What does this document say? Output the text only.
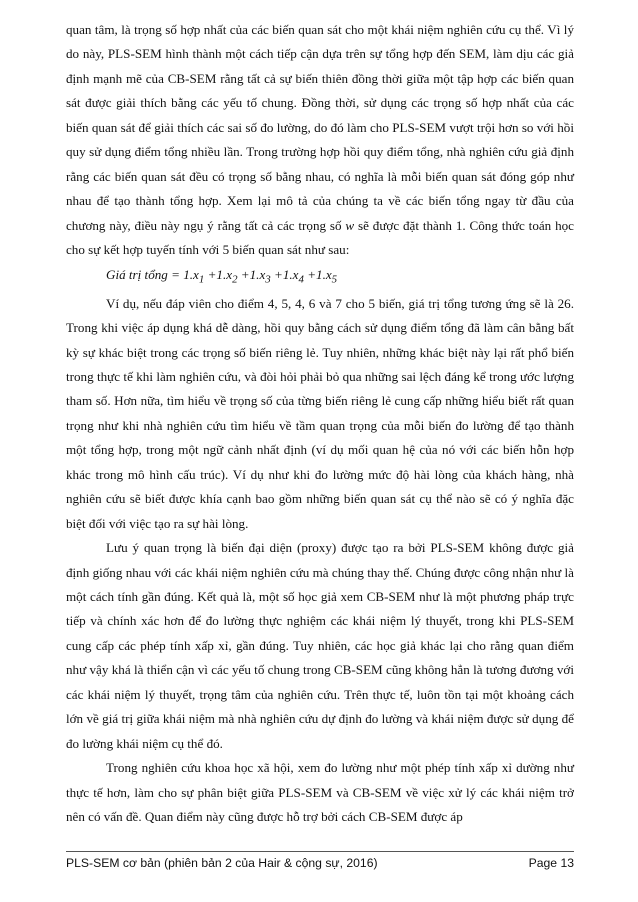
quan tâm, là trọng số hợp nhất của các biến quan sát cho một khái niệm nghiên cứu cụ thể. Vì lý do này, PLS-SEM hình thành một cách tiếp cận dựa trên sự tổng hợp đến SEM, làm dịu các giả định mạnh mẽ của CB-SEM rằng tất cả sự biến thiên đồng thời giữa một tập hợp các biến quan sát được giải thích bằng các yếu tố chung. Đồng thời, sử dụng các trọng số hợp nhất của các biến quan sát để giải thích các sai số đo lường, do đó làm cho PLS-SEM vượt trội hơn so với hồi quy sử dụng điểm tổng nhiều lần. Trong trường hợp hồi quy điểm tổng, nhà nghiên cứu giả định rằng các biến quan sát đều có trọng số bằng nhau, có nghĩa là mỗi biến quan sát đóng góp như nhau để tạo thành tổng hợp. Xem lại mô tả của chúng ta về các biến tổng ngay từ đầu của chương này, điều này ngụ ý rằng tất cả các trọng số w sẽ được đặt thành 1. Công thức toán học cho sự kết hợp tuyến tính với 5 biến quan sát như sau:

Giá trị tổng = $1.x_1 +1.x_2 +1.x_3 +1.x_4 +1.x_5$

Ví dụ, nếu đáp viên cho điểm 4, 5, 4, 6 và 7 cho 5 biến, giá trị tổng tương ứng sẽ là 26. Trong khi việc áp dụng khá dễ dàng, hồi quy bằng cách sử dụng điểm tổng đã làm cân bằng bất kỳ sự khác biệt trong các trọng số biến riêng lẻ. Tuy nhiên, những khác biệt này lại rất phổ biến trong thực tế khi làm nghiên cứu, và đòi hỏi phải bỏ qua những sai lệch đáng kể trong ước lượng tham số. Hơn nữa, tìm hiểu về trọng số của từng biến riêng lẻ cung cấp những hiểu biết rất quan trọng như khi nhà nghiên cứu tìm hiểu về tầm quan trọng của mỗi biến đo lường để tạo thành một tổng hợp, trong một ngữ cảnh nhất định (ví dụ mối quan hệ của nó với các biến hỗn hợp khác trong mô hình cấu trúc). Ví dụ như khi đo lường mức độ hài lòng của khách hàng, nhà nghiên cứu sẽ biết được khía cạnh bao gồm những biến quan sát cụ thể nào sẽ có ý nghĩa đặc biệt đối với việc tạo ra sự hài lòng.

Lưu ý quan trọng là biến đại diện (proxy) được tạo ra bởi PLS-SEM không được giả định giống nhau với các khái niệm nghiên cứu mà chúng thay thế. Chúng được công nhận như là một cách tính gần đúng. Kết quả là, một số học giả xem CB-SEM như là một phương pháp trực tiếp và chính xác hơn để đo lường thực nghiệm các khái niệm lý thuyết, trong khi PLS-SEM cung cấp các phép tính xấp xỉ, gần đúng. Tuy nhiên, các học giả khác lại cho rằng quan điểm như vậy khá là thiển cận vì các yếu tố chung trong CB-SEM cũng không hẳn là tương đương với các khái niệm lý thuyết, trọng tâm của nghiên cứu. Trên thực tế, luôn tồn tại một khoảng cách lớn về giá trị giữa khái niệm mà nhà nghiên cứu dự định đo lường và khái niệm được sử dụng để đo lường khái niệm cụ thể đó.

Trong nghiên cứu khoa học xã hội, xem đo lường như một phép tính xấp xỉ dường như thực tế hơn, làm cho sự phân biệt giữa PLS-SEM và CB-SEM về việc xử lý các khái niệm trở nên có vấn đề. Quan điểm này cũng được hỗ trợ bởi cách CB-SEM được áp

PLS-SEM cơ bản (phiên bản 2 của Hair & cộng sự, 2016)	Page 13
